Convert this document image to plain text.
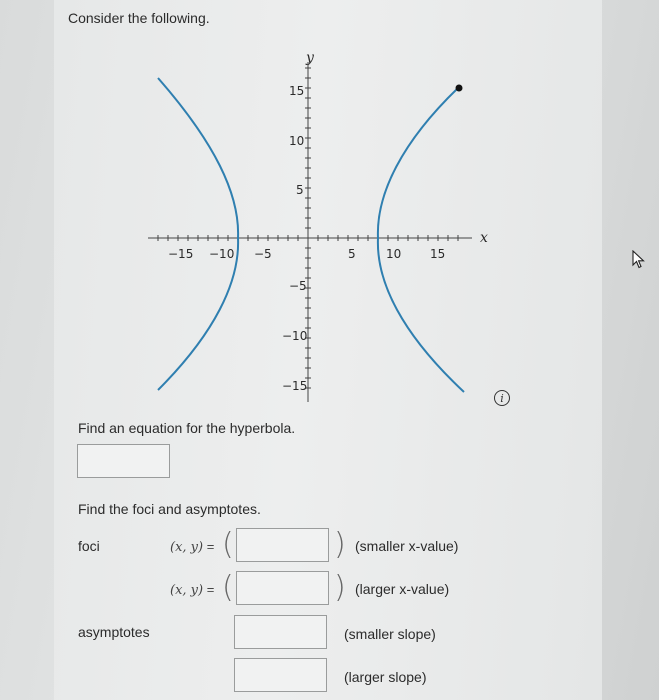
Consider the following.
y
x
−15 −10 −5	5	10 15
15
10
5
−5
−10
−15
i
Find an equation for the hyperbola.
Find the foci and asymptotes.
foci	(x, y) = (	) (smaller x-value)
(x, y) = (	) (larger x-value)
asymptotes	(smaller slope)
(larger slope)
